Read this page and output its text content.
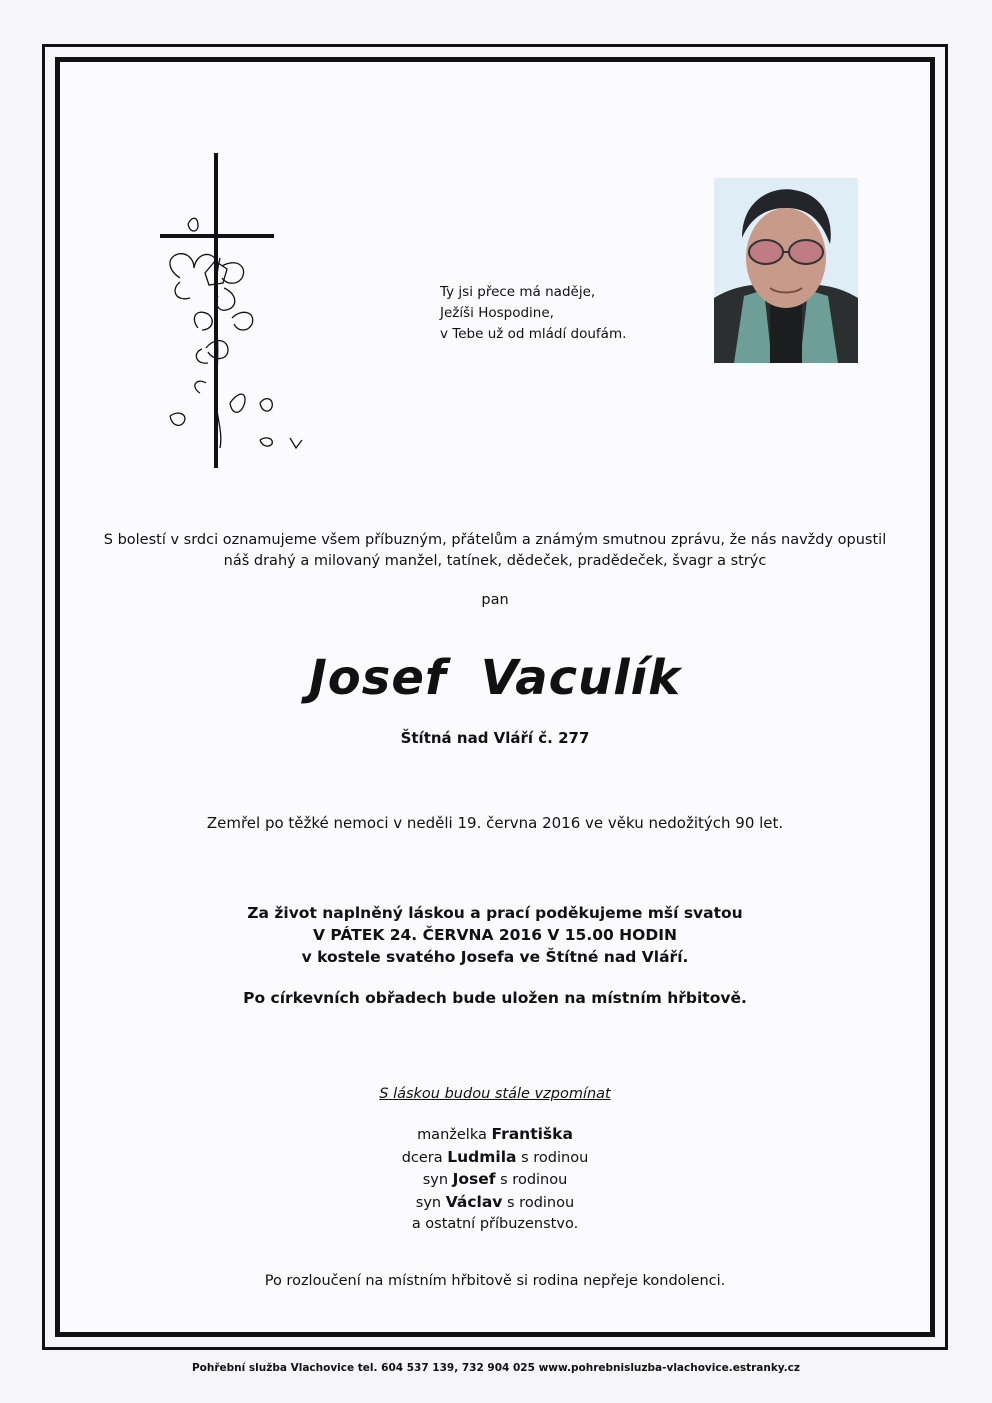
Ty jsi přece má naděje,
Ježíši Hospodine,
v Tebe už od mládí doufám.
S bolestí v srdci oznamujeme všem příbuzným, přátelům a známým smutnou zprávu, že nás navždy opustil
náš drahý a milovaný manžel, tatínek, dědeček, pradědeček, švagr a strýc
pan
Josef Vaculík
Štítná nad Vláří č. 277
Zemřel po těžké nemoci v neděli 19. června 2016 ve věku nedožitých 90 let.
Za život naplněný láskou a prací poděkujeme mší svatou
V PÁTEK 24. ČERVNA 2016 V 15.00 HODIN
v kostele svatého Josefa ve Štítné nad Vláří.
Po církevních obřadech bude uložen na místním hřbitově.
S láskou budou stále vzpomínat
manželka Františka
dcera Ludmila s rodinou
syn Josef s rodinou
syn Václav s rodinou
a ostatní příbuzenstvo.
Po rozloučení na místním hřbitově si rodina nepřeje kondolenci.
Pohřební služba Vlachovice tel. 604 537 139, 732 904 025 www.pohrebnisluzba-vlachovice.estranky.cz
